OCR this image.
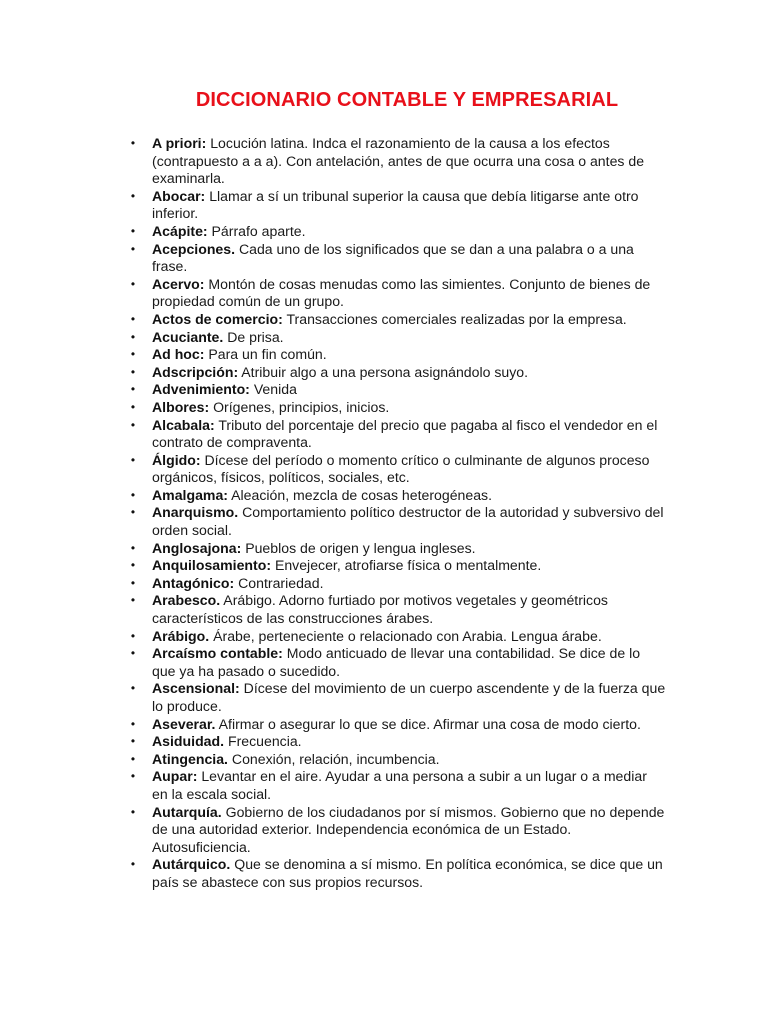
DICCIONARIO CONTABLE Y EMPRESARIAL
• A priori: Locución latina. Indca el razonamiento de la causa a los efectos (contrapuesto a a a). Con antelación, antes de que ocurra una cosa o antes de examinarla.
• Abocar: Llamar a sí un tribunal superior la causa que debía litigarse ante otro inferior.
• Acápite: Párrafo aparte.
• Acepciones. Cada uno de los significados que se dan a una palabra o a una frase.
• Acervo: Montón de cosas menudas como las simientes. Conjunto de bienes de propiedad común de un grupo.
• Actos de comercio: Transacciones comerciales realizadas por la empresa.
• Acuciante. De prisa.
• Ad hoc: Para un fin común.
• Adscripción: Atribuir algo a una persona asignándolo suyo.
• Advenimiento: Venida
• Albores: Orígenes, principios, inicios.
• Alcabala: Tributo del porcentaje del precio que pagaba al fisco el vendedor en el contrato de compraventa.
• Álgido: Dícese del período o momento crítico o culminante de algunos proceso orgánicos, físicos, políticos, sociales, etc.
• Amalgama: Aleación, mezcla de cosas heterogéneas.
• Anarquismo. Comportamiento político destructor de la autoridad y subversivo del orden social.
• Anglosajona: Pueblos de origen y lengua ingleses.
• Anquilosamiento: Envejecer, atrofiarse física o mentalmente.
• Antagónico: Contrariedad.
• Arabesco. Arábigo. Adorno furtiado por motivos vegetales y geométricos característicos de las construcciones árabes.
• Arábigo. Árabe, perteneciente o relacionado con Arabia. Lengua árabe.
• Arcaísmo contable: Modo anticuado de llevar una contabilidad. Se dice de lo que ya ha pasado o sucedido.
• Ascensional: Dícese del movimiento de un cuerpo ascendente y de la fuerza que lo produce.
• Aseverar. Afirmar o asegurar lo que se dice. Afirmar una cosa de modo cierto.
• Asiduidad. Frecuencia.
• Atingencia. Conexión, relación, incumbencia.
• Aupar: Levantar en el aire. Ayudar a una persona a subir a un lugar o a mediar en la escala social.
• Autarquía. Gobierno de los ciudadanos por sí mismos. Gobierno que no depende de una autoridad exterior. Independencia económica de un Estado. Autosuficiencia.
• Autárquico. Que se denomina a sí mismo. En política económica, se dice que un país se abastece con sus propios recursos.
